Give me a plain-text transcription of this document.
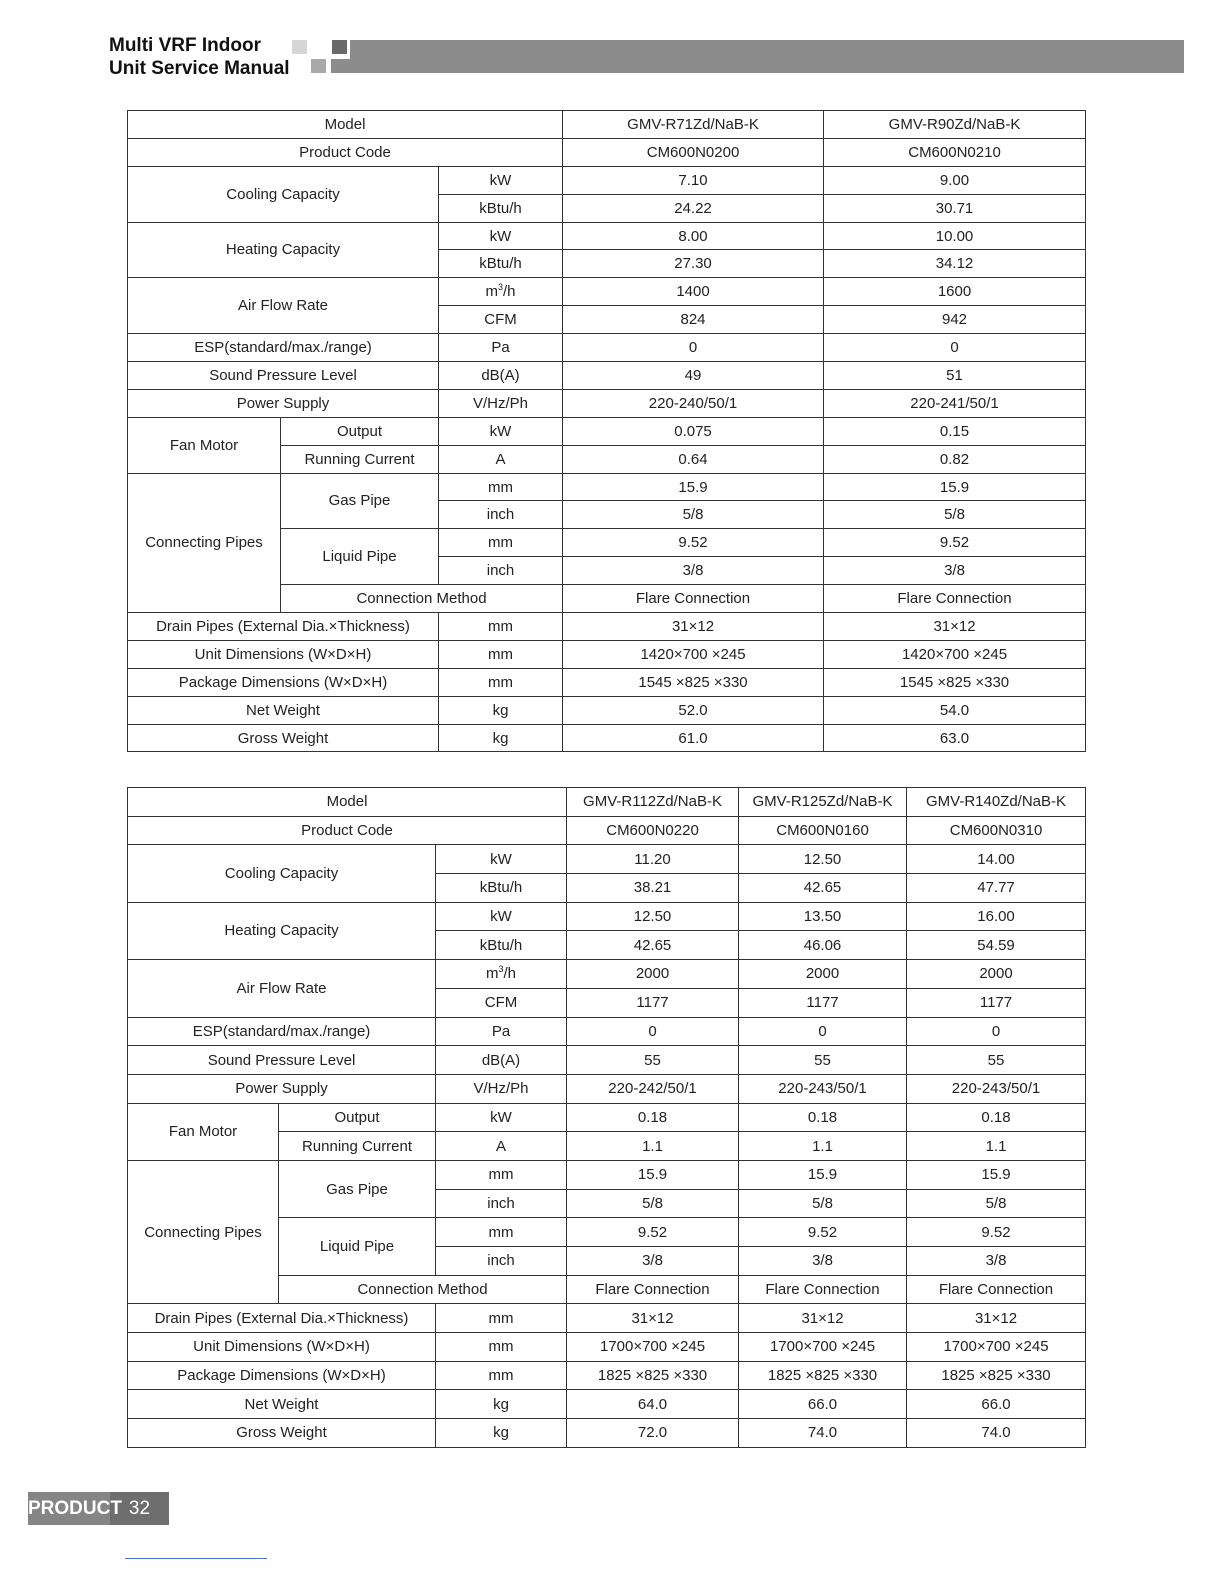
Multi VRF Indoor
Unit Service Manual
Model			GMV-R71Zd/NaB-K	GMV-R90Zd/NaB-K
Product Code			CM600N0200	CM600N0210
Cooling Capacity		kW	7.10	9.00
		kBtu/h	24.22	30.71
Heating Capacity		kW	8.00	10.00
		kBtu/h	27.30	34.12
Air Flow Rate		$m^3/h$	1400	1600
		CFM	824	942
ESP(standard/max./range)		Pa	0	0
Sound Pressure Level		dB(A)	49	51
Power Supply		V/Hz/Ph	220-240/50/1	220-241/50/1
Fan Motor	Output	kW	0.075	0.15
	Running Current	A	0.64	0.82
Connecting Pipes	Gas Pipe	mm	15.9	15.9
		inch	5/8	5/8
	Liquid Pipe	mm	9.52	9.52
		inch	3/8	3/8
	Connection Method		Flare Connection	Flare Connection
Drain Pipes (External Dia.×Thickness)		mm	31×12	31×12
Unit Dimensions (W×D×H)		mm	1420×700 ×245	1420×700 ×245
Package Dimensions (W×D×H)		mm	1545 ×825 ×330	1545 ×825 ×330
Net Weight		kg	52.0	54.0
Gross Weight		kg	61.0	63.0
Model			GMV-R112Zd/NaB-K	GMV-R125Zd/NaB-K	GMV-R140Zd/NaB-K
Product Code			CM600N0220	CM600N0160	CM600N0310
Cooling Capacity		kW	11.20	12.50	14.00
		kBtu/h	38.21	42.65	47.77
Heating Capacity		kW	12.50	13.50	16.00
		kBtu/h	42.65	46.06	54.59
Air Flow Rate		$m^3/h$	2000	2000	2000
		CFM	1177	1177	1177
ESP(standard/max./range)		Pa	0	0	0
Sound Pressure Level		dB(A)	55	55	55
Power Supply		V/Hz/Ph	220-242/50/1	220-243/50/1	220-243/50/1
Fan Motor	Output	kW	0.18	0.18	0.18
	Running Current	A	1.1	1.1	1.1
Connecting Pipes	Gas Pipe	mm	15.9	15.9	15.9
		inch	5/8	5/8	5/8
	Liquid Pipe	mm	9.52	9.52	9.52
		inch	3/8	3/8	3/8
	Connection Method		Flare Connection	Flare Connection	Flare Connection
Drain Pipes (External Dia.×Thickness)		mm	31×12	31×12	31×12
Unit Dimensions (W×D×H)		mm	1700×700 ×245	1700×700 ×245	1700×700 ×245
Package Dimensions (W×D×H)		mm	1825 ×825 ×330	1825 ×825 ×330	1825 ×825 ×330
Net Weight		kg	64.0	66.0	66.0
Gross Weight		kg	72.0	74.0	74.0
PRODUCT 32
